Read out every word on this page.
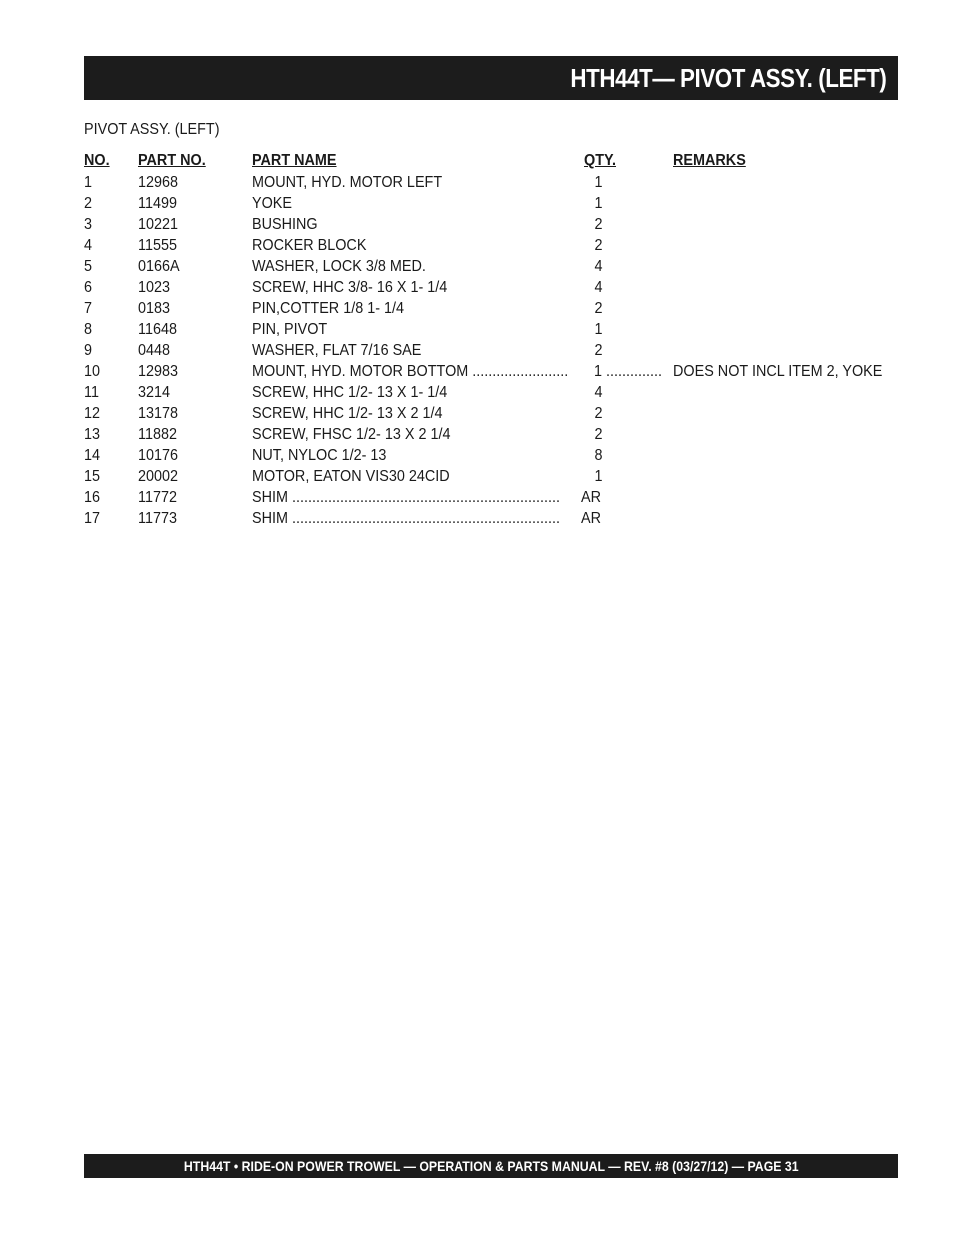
HTH44T— PIVOT ASSY. (LEFT)
PIVOT ASSY. (LEFT)
NO. PART NO.	PART NAME	QTY.	REMARKS
1	12968	MOUNT, HYD. MOTOR LEFT	1
2	11499	YOKE	1
3	10221	BUSHING	2
4	11555	ROCKER BLOCK	2
5	0166A	WASHER, LOCK 3/8 MED.	4
6	1023	SCREW, HHC 3/8- 16 X 1- 1/4	4
7	0183	PIN,COTTER 1/8 1- 1/4	2
8	11648	PIN, PIVOT	1
9	0448	WASHER, FLAT 7/16 SAE	2
10 12983	MOUNT, HYD. MOTOR BOTTOM ........................ 1 .............. DOES NOT INCL ITEM 2, YOKE
11 3214	SCREW, HHC 1/2- 13 X 1- 1/4	4
12 13178	SCREW, HHC 1/2- 13 X 2 1/4	2
13 11882	SCREW, FHSC 1/2- 13 X 2 1/4	2
14 10176	NUT, NYLOC 1/2- 13	8
15 20002	MOTOR, EATON VIS30 24CID	1
16 11772	SHIM ................................................................... AR
17 11773	SHIM ................................................................... AR
HTH44T • RIDE-ON POWER TROWEL — OPERATION & PARTS MANUAL — REV. #8 (03/27/12) — PAGE 31
